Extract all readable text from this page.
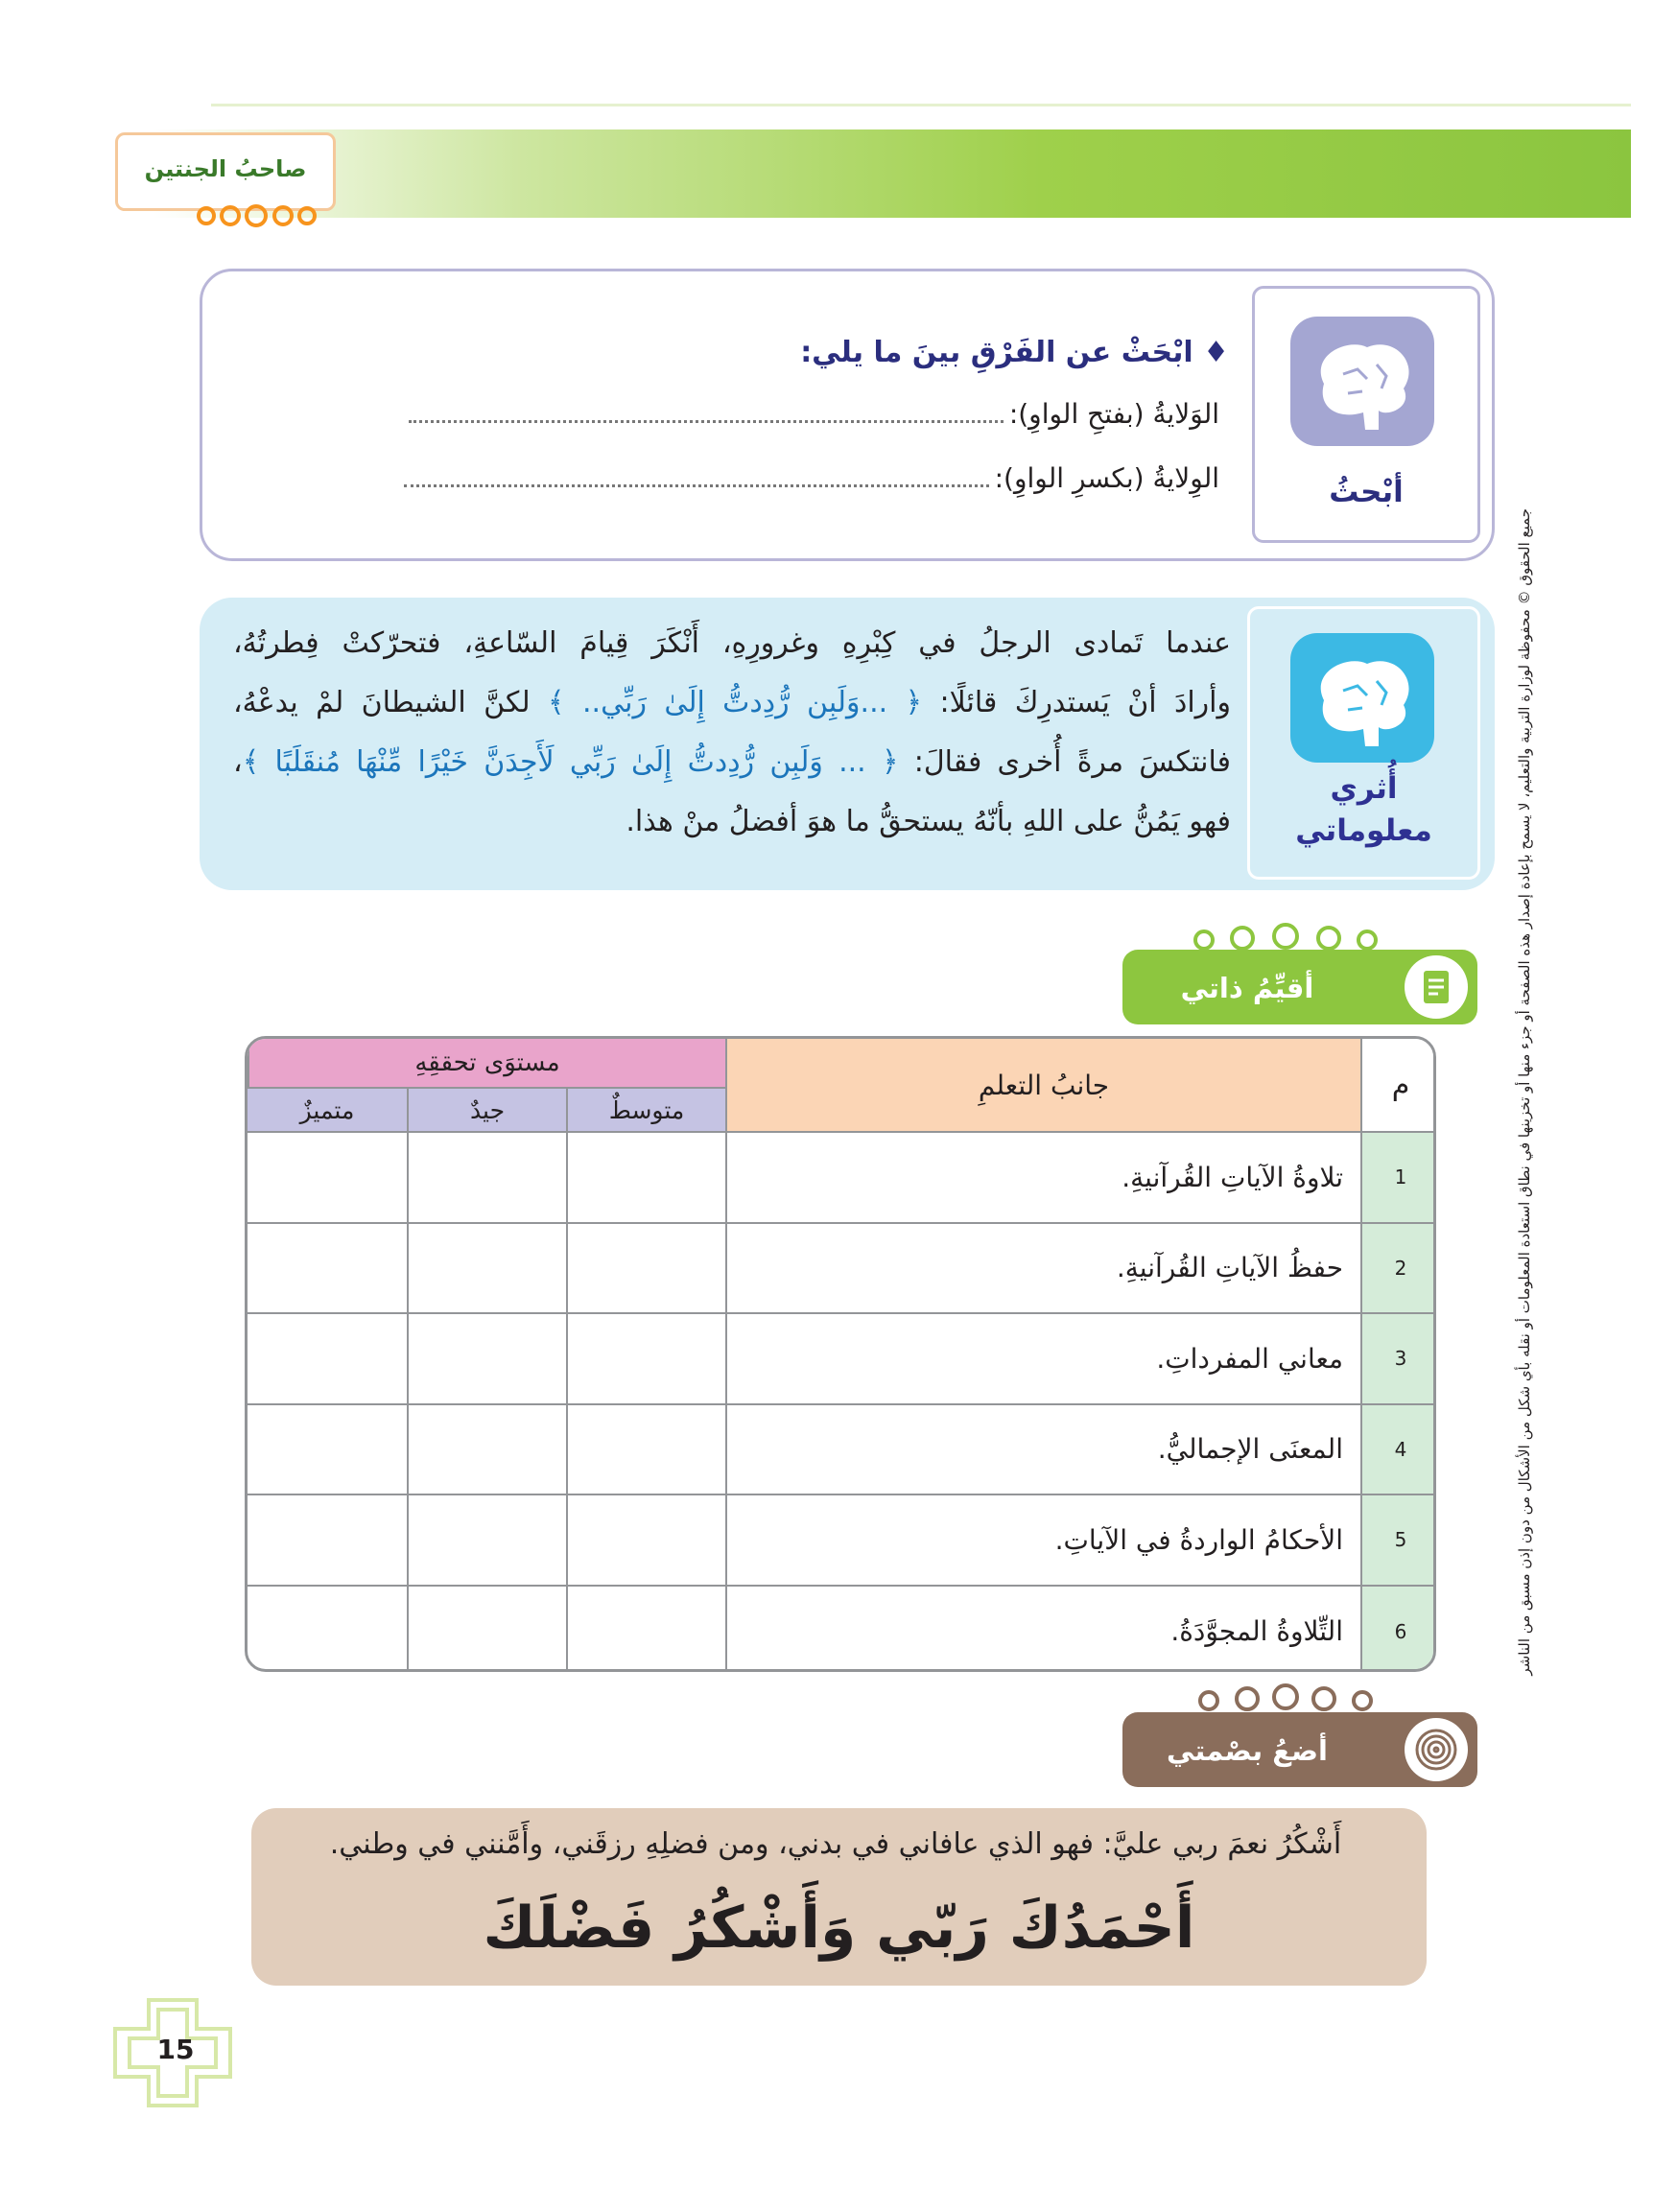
صاحبُ الجنتين
أبْحثُ
♦ ابْحَثْ عن الفَرْقِ بينَ ما يلي:
الوَلايةُ (بفتحِ الواوِ):
الوِلايةُ (بكسرِ الواوِ):
أُثري
معلوماتي
عندما تَمادى الرجلُ في كِبْرِهِ وغرورِهِ، أَنْكَرَ قِيامَ السّاعةِ، فتحرّكتْ فِطرتُهُ،
وأرادَ أنْ يَستدرِكَ قائلًا: ﴿ ...وَلَبِن رُّدِدتُّ إِلَىٰ رَبِّي.. ﴾ لكنَّ الشيطانَ لمْ يدعْهُ،
فانتكسَ مرةً أُخرى فقالَ: ﴿ ... وَلَبِن رُّدِدتُّ إِلَىٰ رَبِّي لَأَجِدَنَّ خَيْرًا مِّنْهَا مُنقَلَبًا ﴾،
فهو يَمُنُّ على اللهِ بأنّهُ يستحقُّ ما هوَ أفضلُ منْ هذا.
أقيِّمُ ذاتي
م
جانبُ التعلمِ
مستوَى تحققِهِ
متوسطٌ
جيدٌ
متميزٌ
1
تلاوةُ الآياتِ القُرآنيةِ.
2
حفظُ الآياتِ القُرآنيةِ.
3
معاني المفرداتِ.
4
المعنَى الإجماليُّ.
5
الأحكامُ الواردةُ في الآياتِ.
6
التِّلاوةُ المجوَّدَةُ.
أضعُ بصْمتي
أَشْكُرُ نعمَ ربي عليَّ: فهو الذي عافاني في بدني، ومن فضلِهِ رزقَني، وأَمَّنني في وطني.
أَحْمَدُكَ رَبّي وَأَشْكُرُ فَضْلَكَ
جميع الحقوق © محفوظة لوزارة التربية والتعليم، لا يسمح بإعادة إصدار هذه الصفحة أو جزء منها أو تخزينها في نطاق استعادة المعلومات أو نقله بأي شكل من الأشكال من دون إذن مسبق من الناشر
15
